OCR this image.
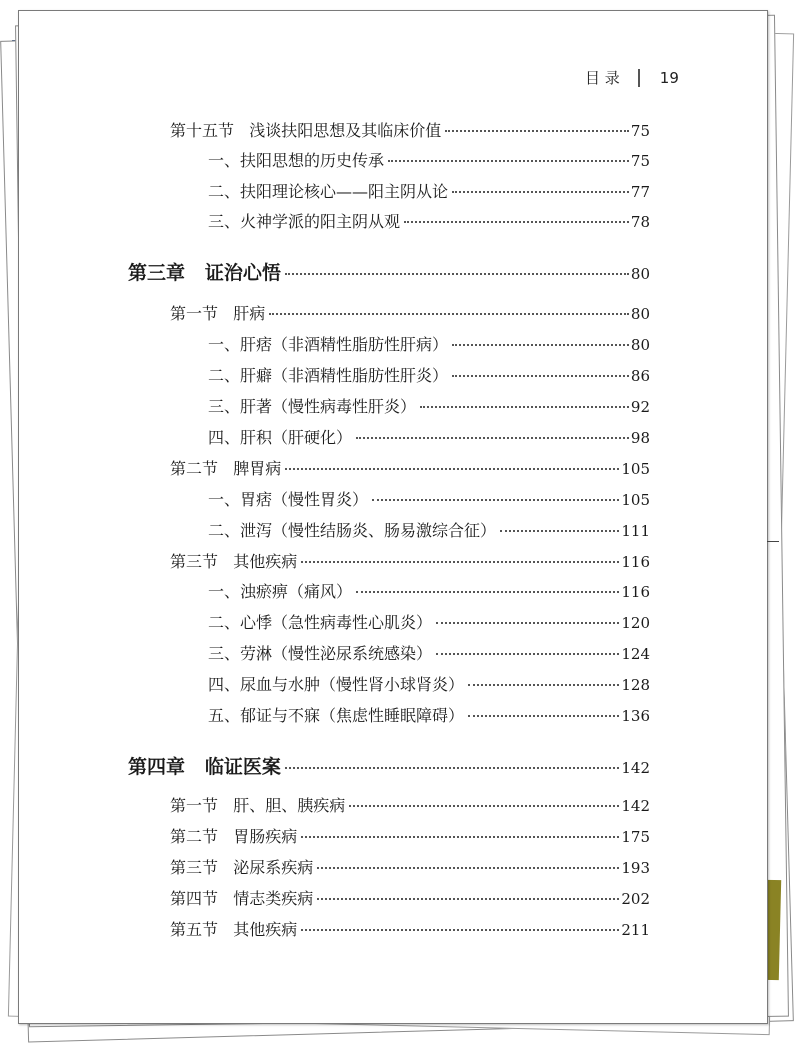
目 录	19
第十五节   浅谈扶阳思想及其临床价值	75
一、扶阳思想的历史传承	75
二、扶阳理论核心——阳主阴从论	77
三、火神学派的阳主阴从观	78
第三章   证治心悟	80
第一节   肝病	80
一、肝痞（非酒精性脂肪性肝病）	80
二、肝癖（非酒精性脂肪性肝炎）	86
三、肝著（慢性病毒性肝炎）	92
四、肝积（肝硬化）	98
第二节   脾胃病	105
一、胃痞（慢性胃炎）	105
二、泄泻（慢性结肠炎、肠易激综合征）	111
第三节   其他疾病	116
一、浊瘀痹（痛风）	116
二、心悸（急性病毒性心肌炎）	120
三、劳淋（慢性泌尿系统感染）	124
四、尿血与水肿（慢性肾小球肾炎）	128
五、郁证与不寐（焦虑性睡眠障碍）	136
第四章   临证医案	142
第一节   肝、胆、胰疾病	142
第二节   胃肠疾病	175
第三节   泌尿系疾病	193
第四节   情志类疾病	202
第五节   其他疾病	211
